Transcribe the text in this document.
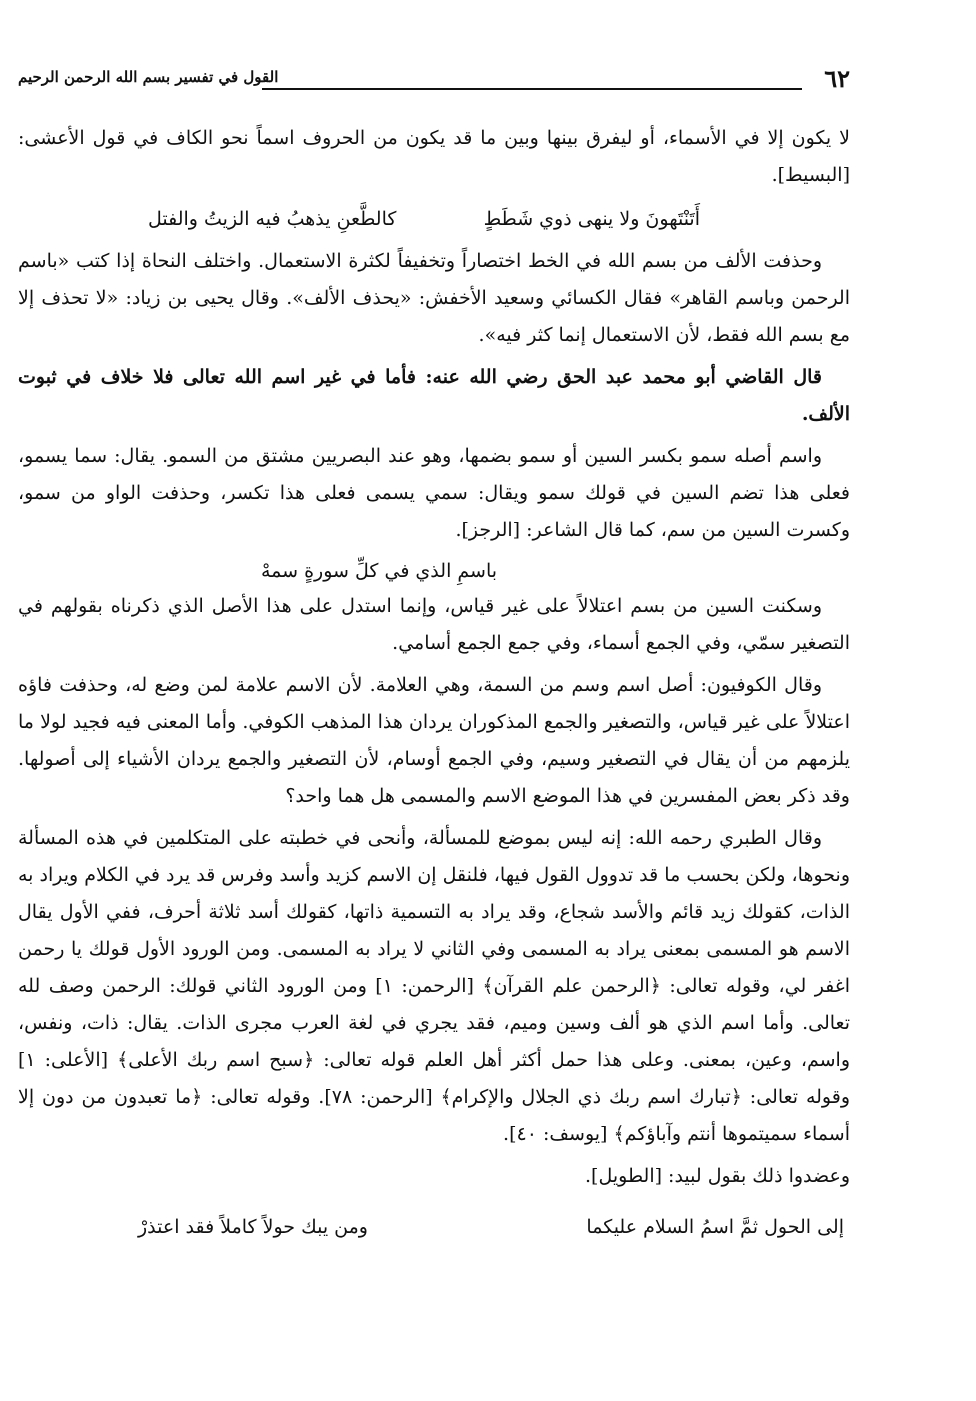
٦٢
القول في تفسير بسم الله الرحمن الرحيم

لا يكون إلا في الأسماء، أو ليفرق بينها وبين ما قد يكون من الحروف اسماً نحو الكاف في قول الأعشى: [البسيط].

أَتَنْتَهونَ ولا ينهى ذوي شَطَطٍ
كالطَّعنِ يذهبُ فيه الزيتُ والفتل

وحذفت الألف من بسم الله في الخط اختصاراً وتخفيفاً لكثرة الاستعمال. واختلف النحاة إذا كتب «باسم الرحمن وباسم القاهر» فقال الكسائي وسعيد الأخفش: «يحذف الألف». وقال يحيى بن زياد: «لا تحذف إلا مع بسم الله فقط، لأن الاستعمال إنما كثر فيه».

قال القاضي أبو محمد عبد الحق رضي الله عنه: فأما في غير اسم الله تعالى فلا خلاف في ثبوت الألف.

واسم أصله سمو بكسر السين أو سمو بضمها، وهو عند البصريين مشتق من السمو. يقال: سما يسمو، فعلى هذا تضم السين في قولك سمو ويقال: سمي يسمى فعلى هذا تكسر، وحذفت الواو من سمو، وكسرت السين من سم، كما قال الشاعر: [الرجز].

باسمِ الذي في كلِّ سورةٍ سمهْ

وسكنت السين من بسم اعتلالاً على غير قياس، وإنما استدل على هذا الأصل الذي ذكرناه بقولهم في التصغير سمّي، وفي الجمع أسماء، وفي جمع الجمع أسامي.

وقال الكوفيون: أصل اسم وسم من السمة، وهي العلامة. لأن الاسم علامة لمن وضع له، وحذفت فاؤه اعتلالاً على غير قياس، والتصغير والجمع المذكوران يردان هذا المذهب الكوفي. وأما المعنى فيه فجيد لولا ما يلزمهم من أن يقال في التصغير وسيم، وفي الجمع أوسام، لأن التصغير والجمع يردان الأشياء إلى أصولها. وقد ذكر بعض المفسرين في هذا الموضع الاسم والمسمى هل هما واحد؟

وقال الطبري رحمه الله: إنه ليس بموضع للمسألة، وأنحى في خطبته على المتكلمين في هذه المسألة ونحوها، ولكن بحسب ما قد تدوول القول فيها، فلنقل إن الاسم كزيد وأسد وفرس قد يرد في الكلام ويراد به الذات، كقولك زيد قائم والأسد شجاع، وقد يراد به التسمية ذاتها، كقولك أسد ثلاثة أحرف، ففي الأول يقال الاسم هو المسمى بمعنى يراد به المسمى وفي الثاني لا يراد به المسمى. ومن الورود الأول قولك يا رحمن اغفر لي، وقوله تعالى: ﴿الرحمن علم القرآن﴾ [الرحمن: ١] ومن الورود الثاني قولك: الرحمن وصف لله تعالى. وأما اسم الذي هو ألف وسين وميم، فقد يجري في لغة العرب مجرى الذات. يقال: ذات، ونفس، واسم، وعين، بمعنى. وعلى هذا حمل أكثر أهل العلم قوله تعالى: ﴿سبح اسم ربك الأعلى﴾ [الأعلى: ١] وقوله تعالى: ﴿تبارك اسم ربك ذي الجلال والإكرام﴾ [الرحمن: ٧٨]. وقوله تعالى: ﴿ما تعبدون من دون إلا أسماء سميتموها أنتم وآباؤكم﴾ [يوسف: ٤٠].

وعضدوا ذلك بقول لبيد: [الطويل].

إلى الحول ثمَّ اسمُ السلام عليكما
ومن يبك حولاً كاملاً فقد اعتذرْ
